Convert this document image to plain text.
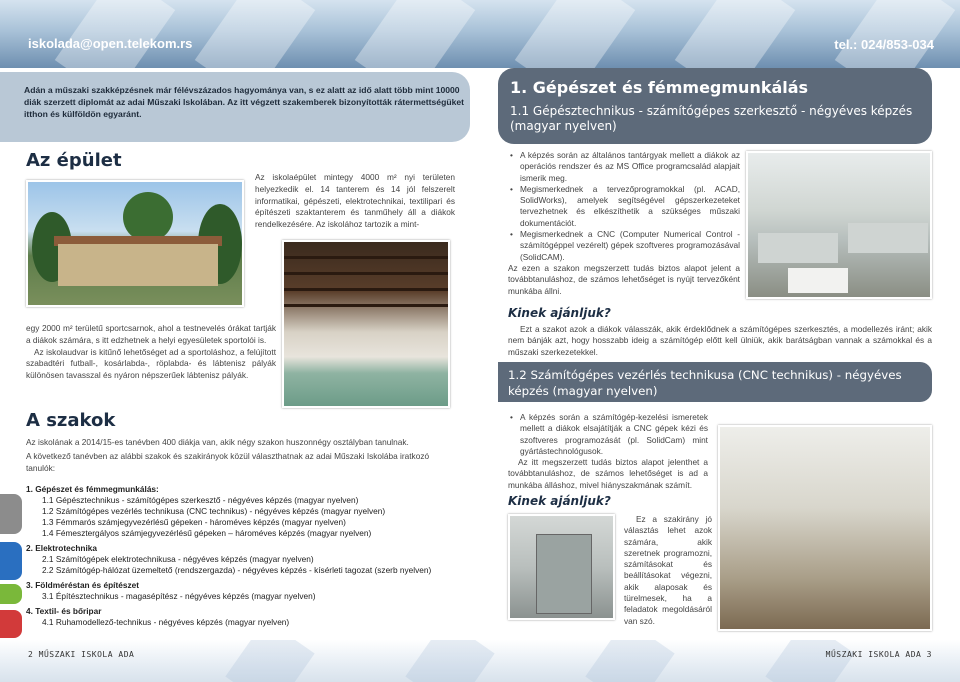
iskolada@open.telekom.rs	tel.: 024/853-034

Adán a műszaki szakképzésnek már félévszázados hagyománya van, s ez alatt az idő alatt több mint 10000 diák szerzett diplomát az adai Műszaki Iskolában. Az itt végzett szakemberek bizonyították rátermettségüket itthon és külföldön egyaránt.

Az épület
Az iskolaépület mintegy 4000 m² nyi területen helyezkedik el. 14 tanterem és 14 jól felszerelt informatikai, gépészeti, elektrotechnikai, textilipari és építészeti szaktanterem és tanműhely áll a diákok rendelkezésére. Az iskolához tartozik a mint-

egy 2000 m² területű sportcsarnok, ahol a testnevelés órákat tartják a diákok számára, s itt edzhetnek a helyi egyesületek sportolói is.

Az iskolaudvar is kitűnő lehetőséget ad a sportoláshoz, a felújított szabadtéri futball-, kosárlabda-, röplabda- és lábtenisz pályák különösen tavasszal és nyáron népszerűek lábtenisz pályák.

A szakok

Az iskolának a 2014/15-es tanévben 400 diákja van, akik négy szakon huszonnégy osztályban tanulnak.

A következő tanévben az alábbi szakok és szakirányok közül választhatnak az adai Műszaki Iskolába iratkozó tanulók:

1. Gépészet és fémmegmunkálás:
1.1 Gépésztechnikus - számítógépes szerkesztő - négyéves képzés (magyar nyelven)
1.2 Számítógépes vezérlés technikusa (CNC technikus) - négyéves képzés (magyar nyelven)
1.3 Fémmarós számjegyvezérlésű gépeken - hároméves képzés (magyar nyelven)
1.4 Fémesztergályos számjegyvezérlésű gépeken – hároméves képzés (magyar nyelven)
2. Elektrotechnika
2.1 Számítógépek elektrotechnikusa - négyéves képzés (magyar nyelven)
2.2 Számítógép-hálózat üzemeltető (rendszergazda) - négyéves képzés - kísérleti tagozat (szerb nyelven)
3. Földméréstan és építészet
3.1 Építésztechnikus - magasépítész - négyéves képzés (magyar nyelven)
4. Textil- és bőripar
4.1 Ruhamodellező-technikus - négyéves képzés (magyar nyelven)
1. Gépészet és fémmegmunkálás
1.1 Gépésztechnikus - számítógépes szerkesztő - négyéves képzés (magyar nyelven)
• A képzés során az általános tantárgyak mellett a diákok az operációs rendszer és az MS Office programcsalád alapjait ismerik meg.
• Megismerkednek a tervezőprogramokkal (pl. ACAD, SolidWorks), amelyek segítségével gépszerkezeteket tervezhetnek és elkészíthetik a szükséges műszaki dokumentációt.
• Megismerkednek a CNC (Computer Numerical Control - számítógéppel vezérelt) gépek szoftveres programozásával (SolidCAM).

Az ezen a szakon megszerzett tudás biztos alapot jelent a továbbtanuláshoz, de számos lehetőséget is nyújt tervezőként munkába állni.

Kinek ajánljuk?
Ezt a szakot azok a diákok válasszák, akik érdeklődnek a számítógépes szerkesztés, a modellezés iránt; akik nem bánják azt, hogy hosszabb ideig a számítógép előtt kell ülniük, akik barátságban vannak a számokkal és a műszaki szerkezetekkel.
1.2 Számítógépes vezérlés technikusa (CNC technikus) - négyéves képzés (magyar nyelven)
• A képzés során a számítógép-kezelési ismeretek mellett a diákok elsajátítják a CNC gépek kézi és szoftveres programozását (pl. SolidCam) mint gyártástechnológusok.

Az itt megszerzett tudás biztos alapot jelenthet a továbbtanuláshoz, de számos lehetőséget is ad a munkába álláshoz, mivel hiányszakmának számít.

Kinek ajánljuk?
Ez a szakirány jó választás lehet azok számára, akik szeretnek programozni, számításokat és beállításokat végezni, akik alaposak és türelmesek, ha a feladatok megoldásáról van szó.
2 MŰSZAKI ISKOLA ADA	MŰSZAKI ISKOLA ADA 3
